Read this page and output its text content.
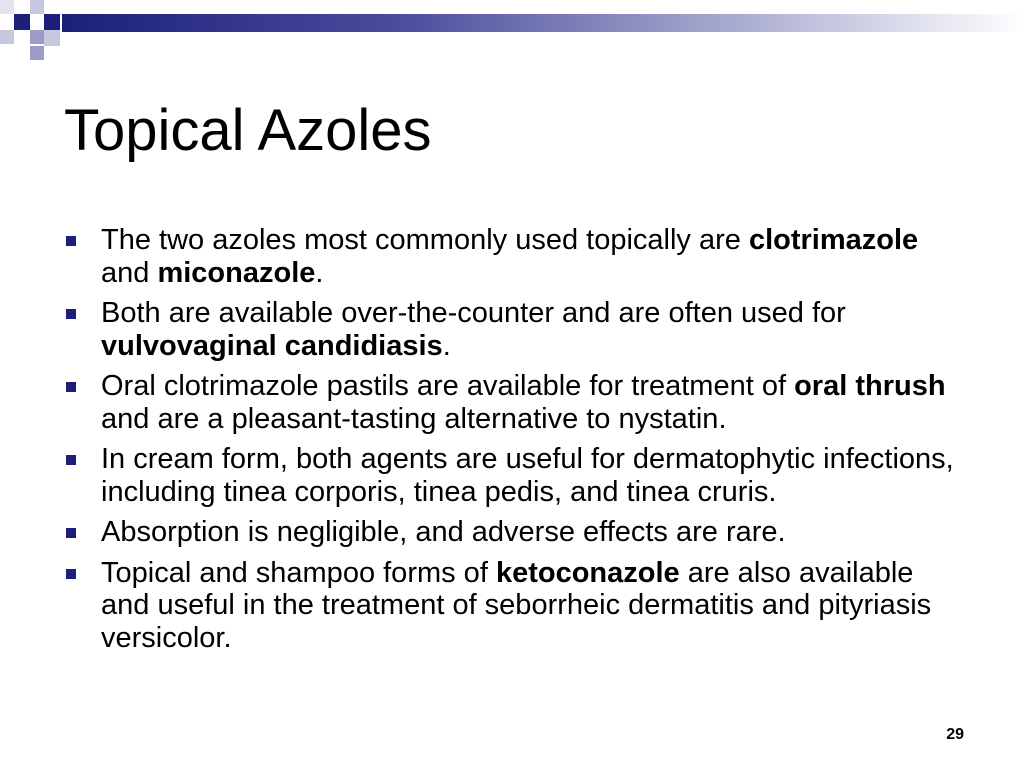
Topical Azoles
The two azoles most commonly used topically are clotrimazole and miconazole.
Both are available over-the-counter and are often used for vulvovaginal candidiasis.
Oral clotrimazole pastils are available for treatment of oral thrush and are a pleasant-tasting alternative to nystatin.
In cream form, both agents are useful for dermatophytic infections, including tinea corporis, tinea pedis, and tinea cruris.
Absorption is negligible, and adverse effects are rare.
Topical and shampoo forms of ketoconazole are also available and useful in the treatment of seborrheic dermatitis and pityriasis versicolor.
29
